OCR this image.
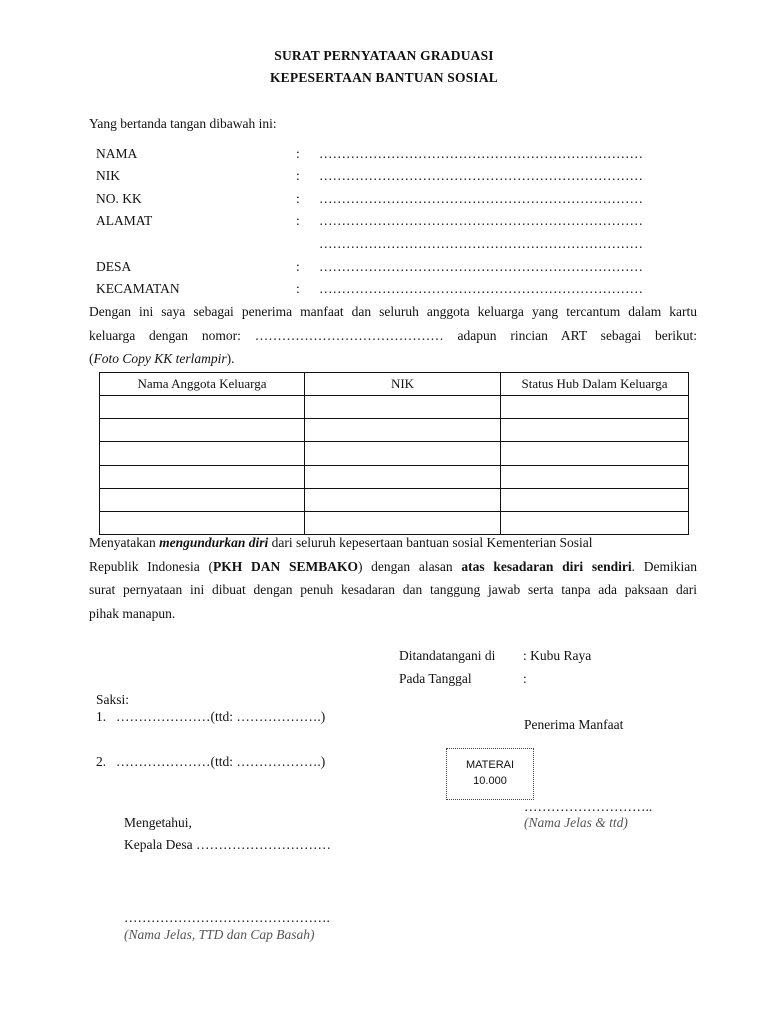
SURAT PERNYATAAN GRADUASI
KEPESERTAAN BANTUAN SOSIAL
Yang bertanda tangan dibawah ini:
NAMA	: ………………………………………………………………
NIK	: ………………………………………………………………
NO. KK	: ………………………………………………………………
ALAMAT	: ………………………………………………………………
………………………………………………………………
DESA	: ………………………………………………………………
KECAMATAN	: ………………………………………………………………
Dengan ini saya sebagai penerima manfaat dan seluruh anggota keluarga yang tercantum dalam kartu
keluarga dengan nomor: …………………………………… adapun rincian ART sebagai berikut:
(Foto Copy KK terlampir).
Nama Anggota Keluarga	NIK	Status Hub Dalam Keluarga

Menyatakan mengundurkan diri dari seluruh kepesertaan bantuan sosial Kementerian Sosial
Republik Indonesia (PKH DAN SEMBAKO) dengan alasan atas kesadaran diri sendiri. Demikian
surat pernyataan ini dibuat dengan penuh kesadaran dan tanggung jawab serta tanpa ada paksaan dari
pihak manapun.
Ditandatangani di : Kubu Raya
Pada Tanggal	:
Saksi:
1. …………………(ttd: ……………….)
2. …………………(ttd: ……………….)
Penerima Manfaat
MATERAI
10.000
………………………..
(Nama Jelas & ttd)
Mengetahui,
Kepala Desa …………………………
……………………………………….
(Nama Jelas, TTD dan Cap Basah)
